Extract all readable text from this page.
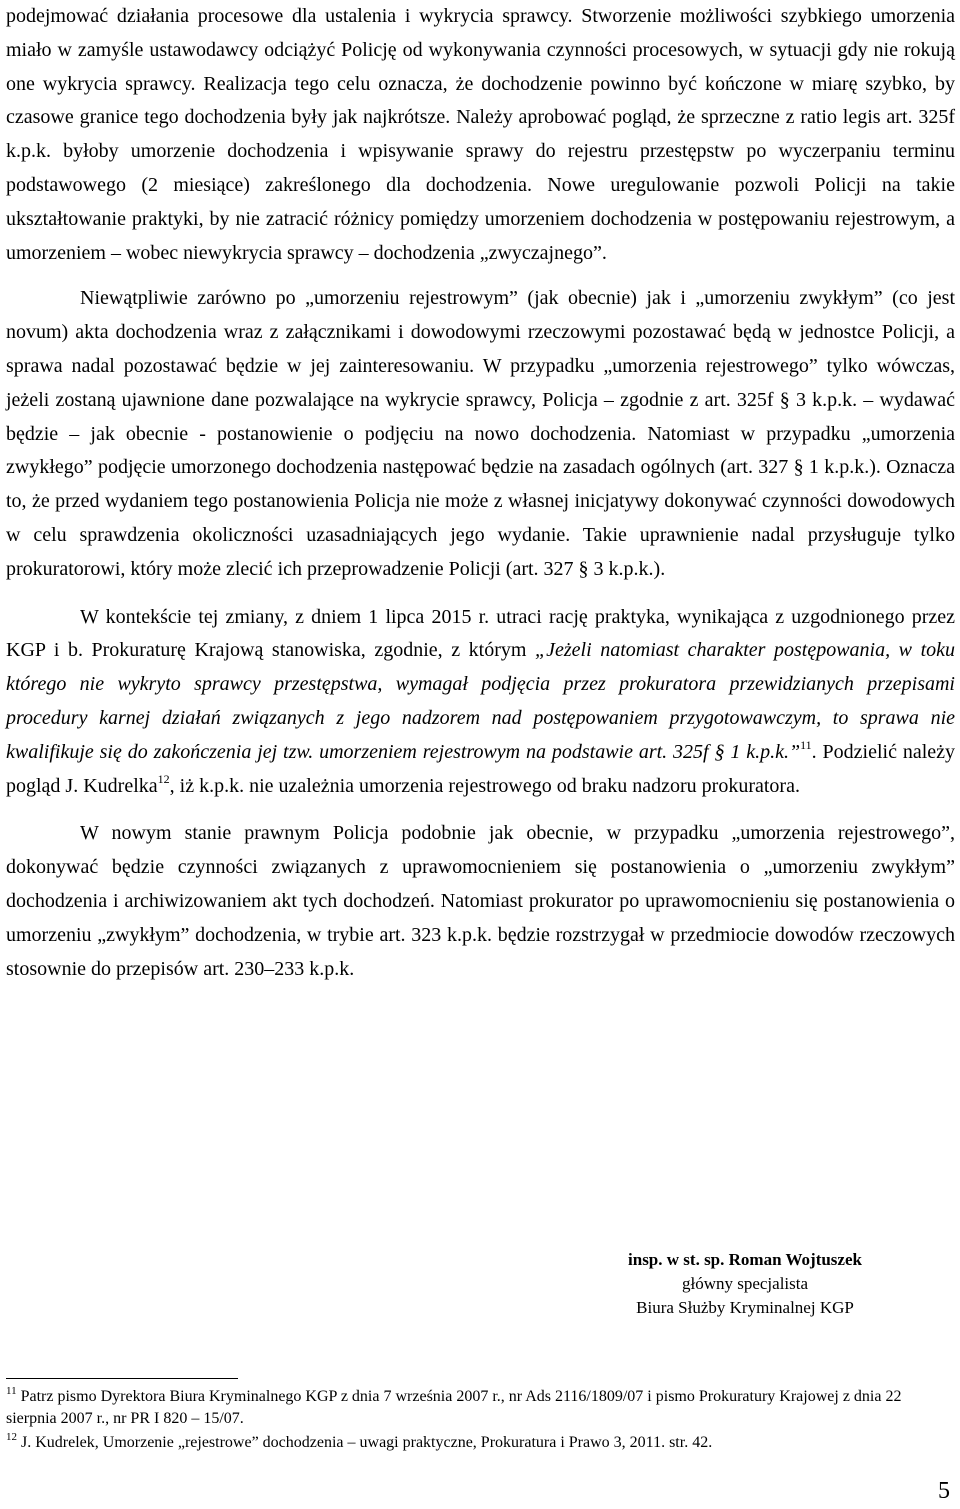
podejmować działania procesowe dla ustalenia i wykrycia sprawcy. Stworzenie możliwości szybkiego umorzenia miało w zamyśle ustawodawcy odciążyć Policję od wykonywania czynności procesowych, w sytuacji gdy nie rokują one wykrycia sprawcy. Realizacja tego celu oznacza, że dochodzenie powinno być kończone w miarę szybko, by czasowe granice tego dochodzenia były jak najkrótsze. Należy aprobować pogląd, że sprzeczne z ratio legis art. 325f k.p.k. byłoby umorzenie dochodzenia i wpisywanie sprawy do rejestru przestępstw po wyczerpaniu terminu podstawowego (2 miesiące) zakreślonego dla dochodzenia. Nowe uregulowanie pozwoli Policji na takie ukształtowanie praktyki, by nie zatracić różnicy pomiędzy umorzeniem dochodzenia w postępowaniu rejestrowym, a umorzeniem – wobec niewykrycia sprawcy – dochodzenia „zwyczajnego”.

Niewątpliwie zarówno po „umorzeniu rejestrowym” (jak obecnie) jak i „umorzeniu zwykłym” (co jest novum) akta dochodzenia wraz z załącznikami i dowodowymi rzeczowymi pozostawać będą w jednostce Policji, a sprawa nadal pozostawać będzie w jej zainteresowaniu. W przypadku „umorzenia rejestrowego” tylko wówczas, jeżeli zostaną ujawnione dane pozwalające na wykrycie sprawcy, Policja – zgodnie z art. 325f § 3 k.p.k. – wydawać będzie – jak obecnie - postanowienie o podjęciu na nowo dochodzenia. Natomiast w przypadku „umorzenia zwykłego” podjęcie umorzonego dochodzenia następować będzie na zasadach ogólnych (art. 327 § 1 k.p.k.). Oznacza to, że przed wydaniem tego postanowienia Policja nie może z własnej inicjatywy dokonywać czynności dowodowych w celu sprawdzenia okoliczności uzasadniających jego wydanie. Takie uprawnienie nadal przysługuje tylko prokuratorowi, który może zlecić ich przeprowadzenie Policji (art. 327 § 3 k.p.k.).

W kontekście tej zmiany, z dniem 1 lipca 2015 r. utraci rację praktyka, wynikająca z uzgodnionego przez KGP i b. Prokuraturę Krajową stanowiska, zgodnie, z którym „Jeżeli natomiast charakter postępowania, w toku którego nie wykryto sprawcy przestępstwa, wymagał podjęcia przez prokuratora przewidzianych przepisami procedury karnej działań związanych z jego nadzorem nad postępowaniem przygotowawczym, to sprawa nie kwalifikuje się do zakończenia jej tzw. umorzeniem rejestrowym na podstawie art. 325f § 1 k.p.k.”$^{11}$. Podzielić należy pogląd J. Kudrelka$^{12}$, iż k.p.k. nie uzależnia umorzenia rejestrowego od braku nadzoru prokuratora.

W nowym stanie prawnym Policja podobnie jak obecnie, w przypadku „umorzenia rejestrowego”, dokonywać będzie czynności związanych z uprawomocnieniem się postanowienia o „umorzeniu zwykłym” dochodzenia i archiwizowaniem akt tych dochodzeń. Natomiast prokurator po uprawomocnieniu się postanowienia o umorzeniu „zwykłym” dochodzenia, w trybie art. 323 k.p.k. będzie rozstrzygał w przedmiocie dowodów rzeczowych stosownie do przepisów art. 230–233 k.p.k.

insp. w st. sp. Roman Wojtuszek
główny specjalista
Biura Służby Kryminalnej KGP

$^{11}$ Patrz pismo Dyrektora Biura Kryminalnego KGP z dnia 7 września 2007 r., nr Ads 2116/1809/07 i pismo Prokuratury Krajowej z dnia 22 sierpnia 2007 r., nr PR I 820 – 15/07.

$^{12}$ J. Kudrelek, Umorzenie „rejestrowe” dochodzenia – uwagi praktyczne, Prokuratura i Prawo 3, 2011. str. 42.

5
